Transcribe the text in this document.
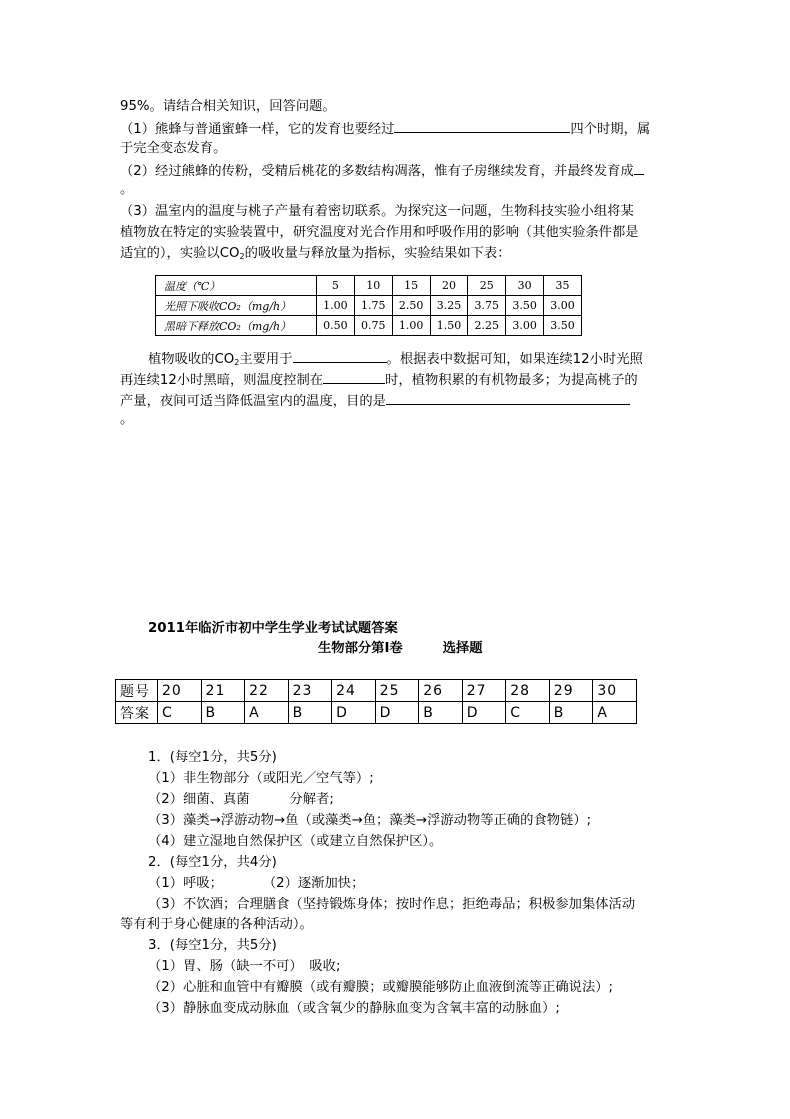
95%。请结合相关知识，回答问题。
（1）熊蜂与普通蜜蜂一样，它的发育也要经过	四个时期，属
于完全变态发育。
（2）经过熊蜂的传粉，受精后桃花的多数结构凋落，惟有子房继续发育，并最终发育成
。
（3）温室内的温度与桃子产量有着密切联系。为探究这一问题，生物科技实验小组将某
植物放在特定的实验装置中，研究温度对光合作用和呼吸作用的影响（其他实验条件都是
适宜的），实验以$CO_2$的吸收量与释放量为指标，实验结果如下表：
温度（℃）	5	10	15	20	25	30	35
光照下吸收CO₂（mg/h）	1.00	1.75	2.50	3.25	3.75	3.50	3.00
黑暗下释放CO₂（mg/h）	0.50	0.75	1.00	1.50	2.25	3.00	3.50
植物吸收的$CO_2$主要用于	。根据表中数据可知，如果连续12小时光照
再连续12小时黑暗，则温度控制在	时，植物积累的有机物最多；为提高桃子的
产量，夜间可适当降低温室内的温度，目的是
。
2011年临沂市初中学生学业考试试题答案
生物部分第Ⅰ卷　　　选择题
题号	20	21	22	23	24	25	26	27	28	29	30
答案	C	B	A	B	D	D	B	D	C	B	A
1．(每空1分，共5分)
（1）非生物部分（或阳光／空气等）;
（2）细菌、真菌　　　分解者;
（3）藻类→浮游动物→鱼（或藻类→鱼；藻类→浮游动物等正确的食物链）;
（4）建立湿地自然保护区（或建立自然保护区）。
2．(每空1分，共4分)
（1）呼吸；　　　　（2）逐渐加快；
（3）不饮酒；合理膳食（坚持锻炼身体；按时作息；拒绝毒品；积极参加集体活动
等有利于身心健康的各种活动）。
3．(每空1分，共5分)
（1）胃、肠（缺一不可）　吸收;
（2）心脏和血管中有瓣膜（或有瓣膜；或瓣膜能够防止血液倒流等正确说法）;
（3）静脉血变成动脉血（或含氧少的静脉血变为含氧丰富的动脉血）;
